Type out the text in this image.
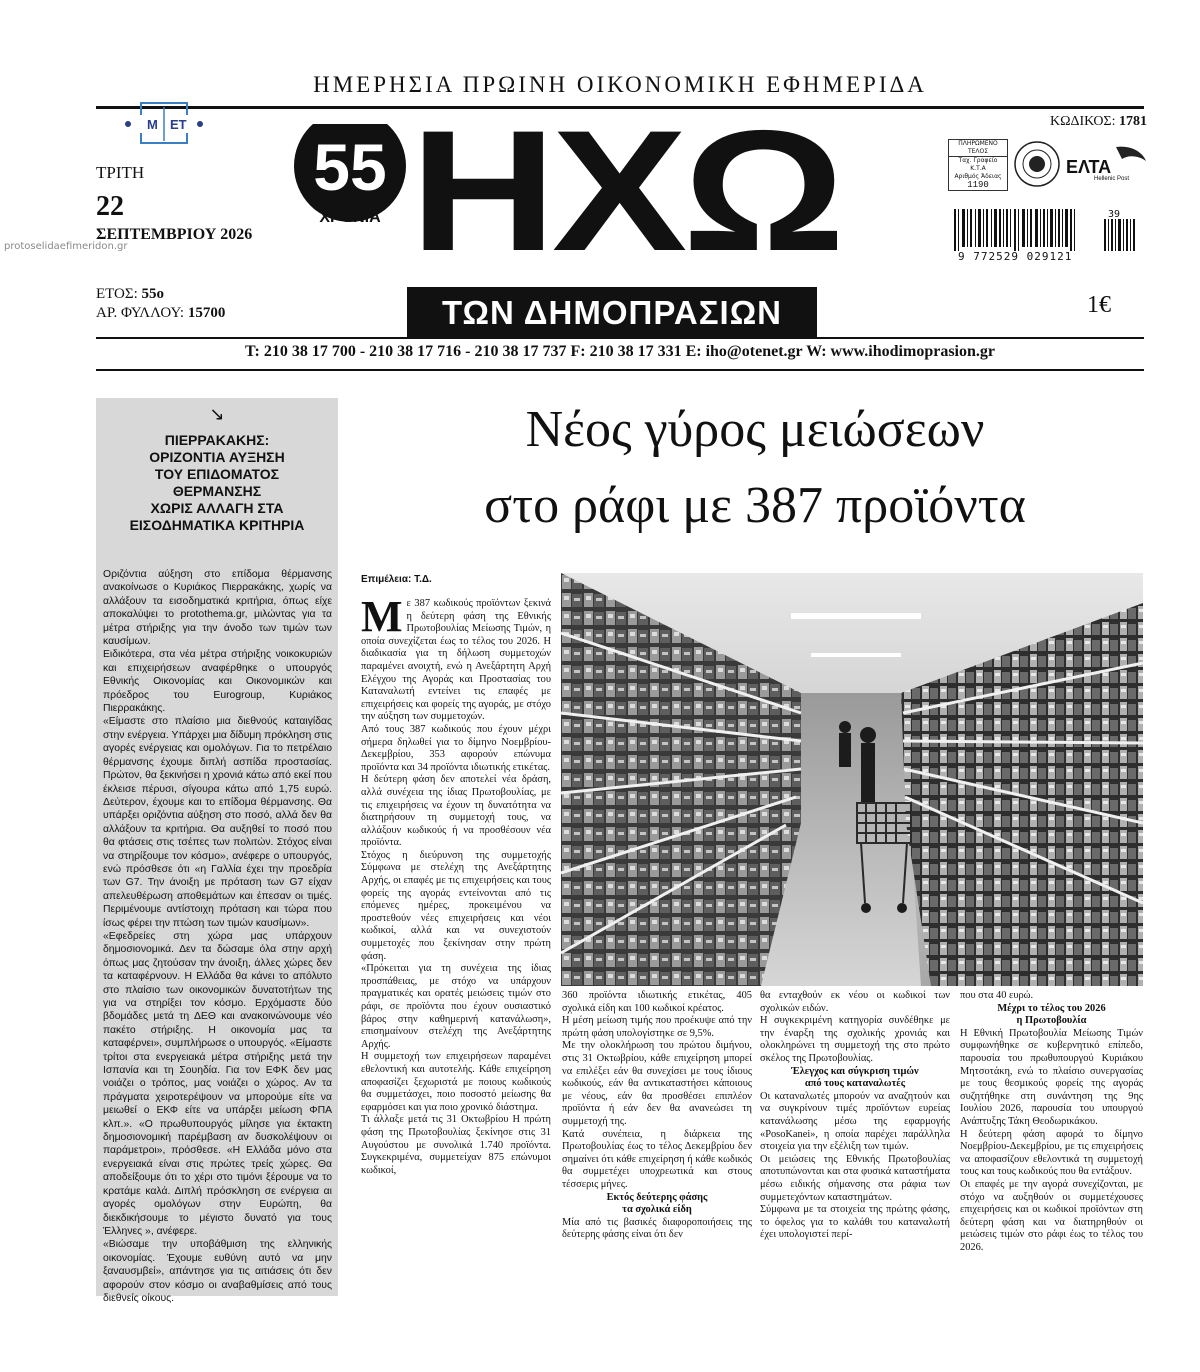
ΗΜΕΡΗΣΙΑ ΠΡΩΙΝΗ ΟΙΚΟΝΟΜΙΚΗ ΕΦΗΜΕΡΙΔΑ
Μ ΕΤ
ΤΡΙΤΗ
22
ΣΕΠΤΕΜΒΡΙΟΥ 2026
protoselidaefimeridon.gr
ΕΤΟΣ: 55ο
ΑΡ. ΦΥΛΛΟΥ: 15700
55
ΧΡΟΝΙΑ ΗΧΩ
ΤΩΝ ΔΗΜΟΠΡΑΣΙΩΝ
ΚΩΔΙΚΟΣ: 1781
ΠΛΗΡΩΜΕΝΟ ΤΕΛΟΣ
Ταχ. Γραφείο
Κ.Τ.Α
Αριθμός Άδειας
1190
ΕΛΤΑ
Hellenic Post
39
9 772529 029121
1€
T: 210 38 17 700 - 210 38 17 716 - 210 38 17 737 F: 210 38 17 331 E: iho@otenet.gr W: www.ihodimoprasion.gr
↘
ΠΙΕΡΡΑΚΑΚΗΣ:
ΟΡΙΖΟΝΤΙΑ ΑΥΞΗΣΗ
ΤΟΥ ΕΠΙΔΟΜΑΤΟΣ
ΘΕΡΜΑΝΣΗΣ
ΧΩΡΙΣ ΑΛΛΑΓΗ ΣΤΑ
ΕΙΣΟΔΗΜΑΤΙΚΑ ΚΡΙΤΗΡΙΑ

Οριζόντια αύξηση στο επίδομα θέρμανσης ανακοίνωσε ο Κυριάκος Πιερρακάκης, χωρίς να αλλάξουν τα εισοδηματικά κριτήρια, όπως είχε αποκαλύψει το protothema.gr, μιλώντας για τα μέτρα στήριξης για την άνοδο των τιμών των καυσίμων.

Ειδικότερα, στα νέα μέτρα στήριξης νοικοκυριών και επιχειρήσεων αναφέρθηκε ο υπουργός Εθνικής Οικονομίας και Οικονομικών και πρόεδρος του Eurogroup, Κυριάκος Πιερρακάκης.

«Είμαστε στο πλαίσιο μια διεθνούς καταιγίδας στην ενέργεια. Υπάρχει μια δίδυμη πρόκληση στις αγορές ενέργειας και ομολόγων. Για το πετρέλαιο θέρμανσης έχουμε διπλή ασπίδα προστασίας. Πρώτον, θα ξεκινήσει η χρονιά κάτω από εκεί που έκλεισε πέρυσι, σίγουρα κάτω από 1,75 ευρώ. Δεύτερον, έχουμε και το επίδομα θέρμανσης. Θα υπάρξει οριζόντια αύξηση στο ποσό, αλλά δεν θα αλλάξουν τα κριτήρια. Θα αυξηθεί το ποσό που θα φτάσεις στις τσέπες των πολιτών. Στόχος είναι να στηρίξουμε τον κόσμο», ανέφερε ο υπουργός, ενώ πρόσθεσε ότι «η Γαλλία έχει την προεδρία των G7. Την άνοιξη με πρόταση των G7 είχαν απελευθέρωση αποθεμάτων και έπεσαν οι τιμές. Περιμένουμε αντίστοιχη πρόταση και τώρα που ίσως φέρει την πτώση των τιμών καυσίμων».

«Εφεδρείες στη χώρα μας υπάρχουν δημοσιονομικά. Δεν τα δώσαμε όλα στην αρχή όπως μας ζητούσαν την άνοιξη, άλλες χώρες δεν τα καταφέρνουν. Η Ελλάδα θα κάνει το απόλυτο στο πλαίσιο των οικονομικών δυνατοτήτων της για να στηρίξει τον κόσμο. Ερχόμαστε δύο βδομάδες μετά τη ΔΕΘ και ανακοινώνουμε νέο πακέτο στήριξης. Η οικονομία μας τα καταφέρνει», συμπλήρωσε ο υπουργός. «Είμαστε τρίτοι στα ενεργειακά μέτρα στήριξης μετά την Ισπανία και τη Σουηδία. Για τον ΕΦΚ δεν μας νοιάζει ο τρόπος, μας νοιάζει ο χώρος. Αν τα πράγματα χειροτερέψουν να μπορούμε είτε να μειωθεί ο ΕΚΦ είτε να υπάρξει μείωση ΦΠΑ κλπ.». «Ο πρωθυπουργός μίλησε για έκτακτη δημοσιονομική παρέμβαση αν δυσκολέψουν οι παράμετροι», πρόσθεσε. «Η Ελλάδα μόνο στα ενεργειακά είναι στις πρώτες τρείς χώρες. Θα αποδείξουμε ότι το χέρι στο τιμόνι ξέρουμε να το κρατάμε καλά. Διπλή πρόσκληση σε ενέργεια αι αγορές ομολόγων στην Ευρώπη, θα διεκδικήσουμε το μέγιστο δυνατό για τους Έλληνες », ανέφερε.

«Βιώσαμε την υποβάθμιση της ελληνικής οικονομίας. Έχουμε ευθύνη αυτό να μην ξαναυσμβεί», απάντησε για τις αιτιάσεις ότι δεν αφορούν στον κόσμο οι αναβαθμίσεις από τους διεθνείς οίκους.

Νέος γύρος μειώσεων
στο ράφι με 387 προϊόντα
Επιμέλεια: Τ.Δ.
Μ ε 387 κωδικούς προϊόντων ξεκινά η δεύτερη φάση της Εθνικής Πρωτοβουλίας Μείωσης Τιμών, η οποία συνεχίζεται έως το τέλος του 2026. Η διαδικασία για τη δήλωση συμμετοχών παραμένει ανοιχτή, ενώ η Ανεξάρτητη Αρχή Ελέγχου της Αγοράς και Προστασίας του Καταναλωτή εντείνει τις επαφές με επιχειρήσεις και φορείς της αγοράς, με στόχο την αύξηση των συμμετοχών.

Από τους 387 κωδικούς που έχουν μέχρι σήμερα δηλωθεί για το δίμηνο Νοεμβρίου-Δεκεμβρίου, 353 αφορούν επώνυμα προϊόντα και 34 προϊόντα ιδιωτικής ετικέτας.

Η δεύτερη φάση δεν αποτελεί νέα δράση, αλλά συνέχεια της ίδιας Πρωτοβουλίας, με τις επιχειρήσεις να έχουν τη δυνατότητα να διατηρήσουν τη συμμετοχή τους, να αλλάξουν κωδικούς ή να προσθέσουν νέα προϊόντα.

Στόχος η διεύρυνση της συμμετοχής Σύμφωνα με στελέχη της Ανεξάρτητης Αρχής, οι επαφές με τις επιχειρήσεις και τους φορείς της αγοράς εντείνονται από τις επόμενες ημέρες, προκειμένου να προστεθούν νέες επιχειρήσεις και νέοι κωδικοί, αλλά και να συνεχιστούν συμμετοχές που ξεκίνησαν στην πρώτη φάση.

«Πρόκειται για τη συνέχεια της ίδιας προσπάθειας, με στόχο να υπάρχουν πραγματικές και ορατές μειώσεις τιμών στο ράφι, σε προϊόντα που έχουν ουσιαστικό βάρος στην καθημερινή κατανάλωση», επισημαίνουν στελέχη της Ανεξάρτητης Αρχής.

Η συμμετοχή των επιχειρήσεων παραμένει εθελοντική και αυτοτελής. Κάθε επιχείρηση αποφασίζει ξεχωριστά με ποιους κωδικούς θα συμμετάσχει, ποιο ποσοστό μείωσης θα εφαρμόσει και για ποιο χρονικό διάστημα.

Τι άλλαξε μετά τις 31 Οκτωβρίου Η πρώτη φάση της Πρωτοβουλίας ξεκίνησε στις 31 Αυγούστου με συνολικά 1.740 προϊόντα. Συγκεκριμένα, συμμετείχαν 875 επώνυμοι κωδικοί,

360 προϊόντα ιδιωτικής ετικέτας, 405 σχολικά είδη και 100 κωδικοί κρέατος.

Η μέση μείωση τιμής που προέκυψε από την πρώτη φάση υπολογίστηκε σε 9,5%.

Με την ολοκλήρωση του πρώτου διμήνου, στις 31 Οκτωβρίου, κάθε επιχείρηση μπορεί να επιλέξει εάν θα συνεχίσει με τους ίδιους κωδικούς, εάν θα αντικαταστήσει κάποιους με νέους, εάν θα προσθέσει επιπλέον προϊόντα ή εάν δεν θα ανανεώσει τη συμμετοχή της.

Κατά συνέπεια, η διάρκεια της Πρωτοβουλίας έως το τέλος Δεκεμβρίου δεν σημαίνει ότι κάθε επιχείρηση ή κάθε κωδικός θα συμμετέχει υποχρεωτικά και στους τέσσερις μήνες.

Εκτός δεύτερης φάσης

τα σχολικά είδη

Μία από τις βασικές διαφοροποιήσεις της δεύτερης φάσης είναι ότι δεν

θα ενταχθούν εκ νέου οι κωδικοί των σχολικών ειδών.

Η συγκεκριμένη κατηγορία συνδέθηκε με την έναρξη της σχολικής χρονιάς και ολοκληρώνει τη συμμετοχή της στο πρώτο σκέλος της Πρωτοβουλίας.

Έλεγχος και σύγκριση τιμών

από τους καταναλωτές

Οι καταναλωτές μπορούν να αναζητούν και να συγκρίνουν τιμές προϊόντων ευρείας κατανάλωσης μέσω της εφαρμογής «PosoKanei», η οποία παρέχει παράλληλα στοιχεία για την εξέλιξη των τιμών.

Οι μειώσεις της Εθνικής Πρωτοβουλίας αποτυπώνονται και στα φυσικά καταστήματα μέσω ειδικής σήμανσης στα ράφια των συμμετεχόντων καταστημάτων.

Σύμφωνα με τα στοιχεία της πρώτης φάσης, το όφελος για το καλάθι του καταναλωτή έχει υπολογιστεί περί-

που στα 40 ευρώ.

Μέχρι το τέλος του 2026

η Πρωτοβουλία

Η Εθνική Πρωτοβουλία Μείωσης Τιμών συμφωνήθηκε σε κυβερνητικό επίπεδο, παρουσία του πρωθυπουργού Κυριάκου Μητσοτάκη, ενώ το πλαίσιο συνεργασίας με τους θεσμικούς φορείς της αγοράς συζητήθηκε στη συνάντηση της 9ης Ιουλίου 2026, παρουσία του υπουργού Ανάπτυξης Τάκη Θεοδωρικάκου.

Η δεύτερη φάση αφορά το δίμηνο Νοεμβρίου-Δεκεμβρίου, με τις επιχειρήσεις να αποφασίζουν εθελοντικά τη συμμετοχή τους και τους κωδικούς που θα εντάξουν.

Οι επαφές με την αγορά συνεχίζονται, με στόχο να αυξηθούν οι συμμετέχουσες επιχειρήσεις και οι κωδικοί προϊόντων στη δεύτερη φάση και να διατηρηθούν οι μειώσεις τιμών στο ράφι έως το τέλος του 2026.
